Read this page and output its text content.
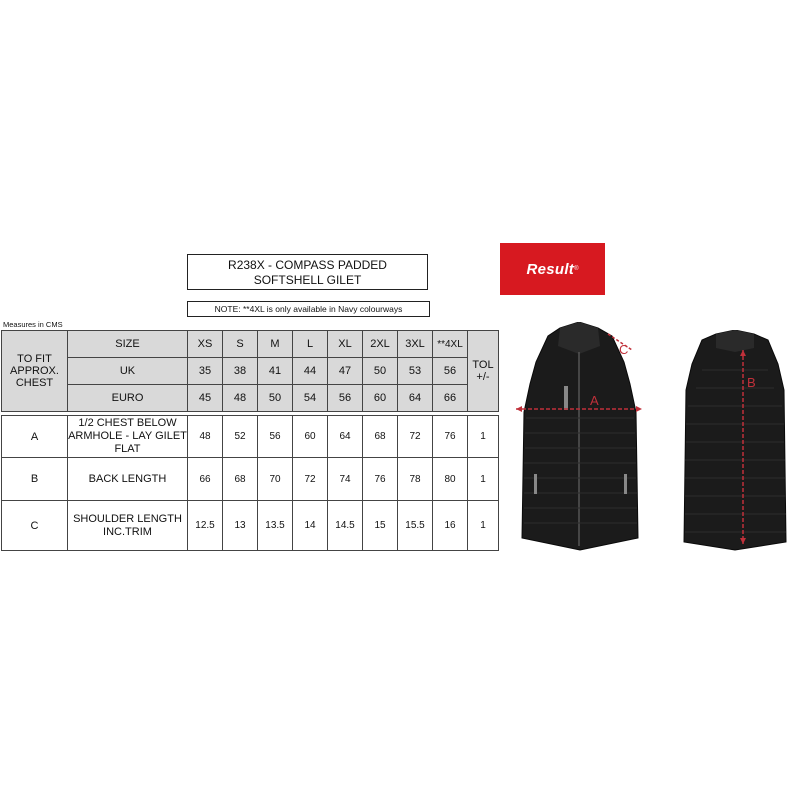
R238X - COMPASS PADDED
SOFTSHELL GILET
NOTE: **4XL is only available in Navy colourways
Measures in CMS
Result ®
TO FIT APPROX. CHEST	SIZE	XS	S	M	L	XL	2XL	3XL	**4XL	TOL +/-
	UK	35	38	41	44	47	50	53	56	
	EURO	45	48	50	54	56	60	64	66	

A	1/2 CHEST BELOW ARMHOLE - LAY GILET FLAT	48	52	56	60	64	68	72	76	1
B	BACK LENGTH	66	68	70	72	74	76	78	80	1
C	SHOULDER LENGTH INC.TRIM	12.5	13	13.5	14	14.5	15	15.5	16	1
A
C
B
